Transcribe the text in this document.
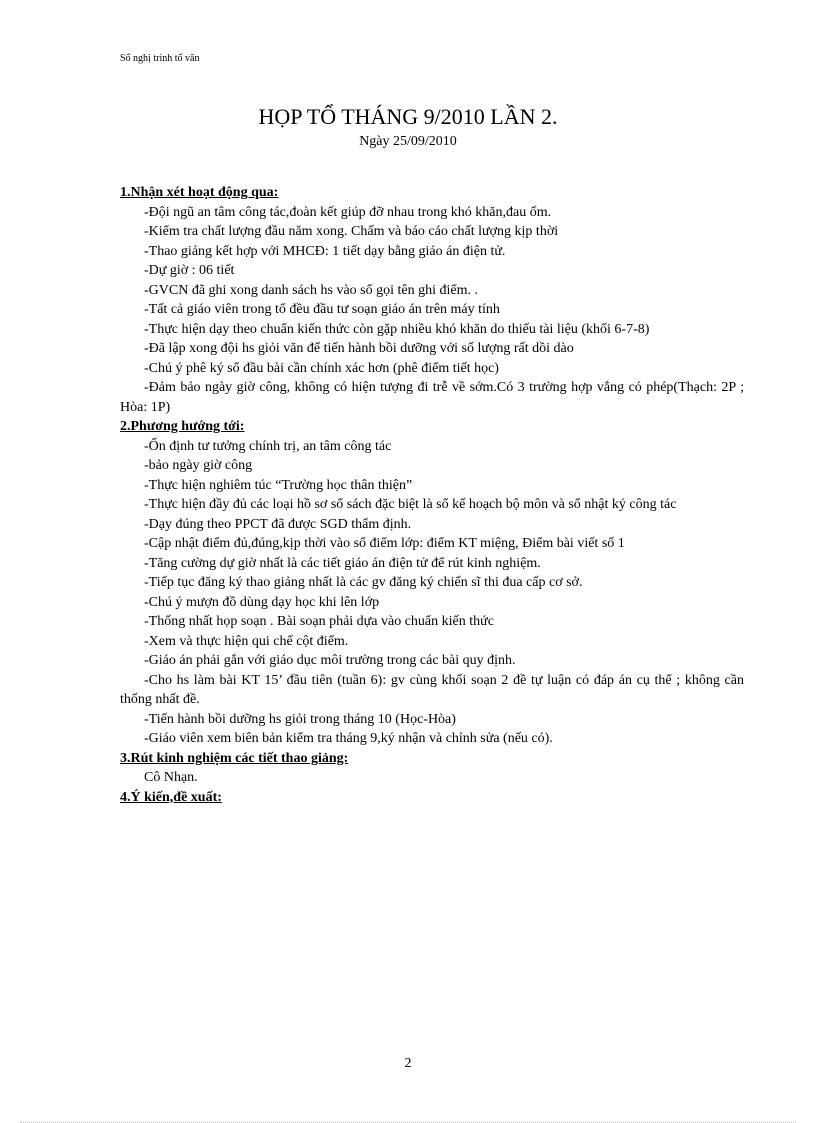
Sổ nghị trình tổ văn
HỌP TỔ THÁNG 9/2010 LẦN 2.
Ngày 25/09/2010
1.Nhận xét hoạt động qua:
-Đội ngũ an tâm công tác,đoàn kết giúp đỡ nhau trong khó khăn,đau ốm.
-Kiểm tra chất lượng đầu năm xong. Chấm và báo cáo chất lượng kịp thời
-Thao giảng kết hợp với MHCĐ: 1 tiết dạy bằng giáo án điện tử.
-Dự giờ : 06 tiết
-GVCN đã ghi xong danh sách hs vào sổ gọi tên ghi điểm. .
-Tất cả giáo viên trong tổ đều đầu tư soạn giáo án trên máy tính
-Thực hiện dạy theo chuẩn kiến thức còn gặp nhiều khó khăn do thiếu tài liệu (khối 6-7-8)
-Đã lập xong đội hs giỏi văn để tiến hành bồi dưỡng với số lượng rất dồi dào
-Chú ý phê ký sổ đầu bài cần chính xác hơn (phê điểm tiết học)
-Đảm bảo ngày giờ công, không có hiện tượng đi trễ về sớm.Có 3 trường hợp vắng có phép(Thạch: 2P ; Hòa: 1P)
2.Phương hướng tới:
-Ổn định tư tưởng chính trị, an tâm công tác
-bảo ngày giờ công
-Thực hiện nghiêm túc “Trường học thân thiện”
-Thực hiện đầy đủ các loại hồ sơ sổ sách đặc biệt là sổ kế hoạch bộ môn và sổ nhật ký công tác
-Dạy đúng theo PPCT đã được SGD thẩm định.
-Cập nhật điểm đủ,đúng,kịp thời vào sổ điểm lớp: điểm KT miệng, Điểm bài viết số 1
-Tăng cường dự giờ nhất là các tiết giáo án điện tử để rút kinh nghiệm.
-Tiếp tục đăng ký thao giảng nhất là các gv đăng ký chiến sĩ thi đua cấp cơ sở.
-Chú ý mượn đồ dùng dạy học khi lên lớp
-Thống nhất họp soạn . Bài soạn phải dựa vào chuẩn kiến thức
-Xem và thực hiện qui chế cột điểm.
-Giáo án phải gắn với giáo dục môi trường trong các bài quy định.
-Cho hs làm bài KT 15’ đầu tiên (tuần 6): gv cùng khối soạn 2 đề tự luận có đáp án cụ thể ; không cần thống nhất đề.
-Tiến hành bồi dưỡng hs giỏi trong tháng 10 (Học-Hòa)
-Giáo viên xem biên bản kiểm tra tháng 9,ký nhận và chỉnh sửa (nếu có).
3.Rút kinh nghiệm các tiết thao giảng:
Cô Nhạn.
4.Ý kiến,đề xuất:
2
